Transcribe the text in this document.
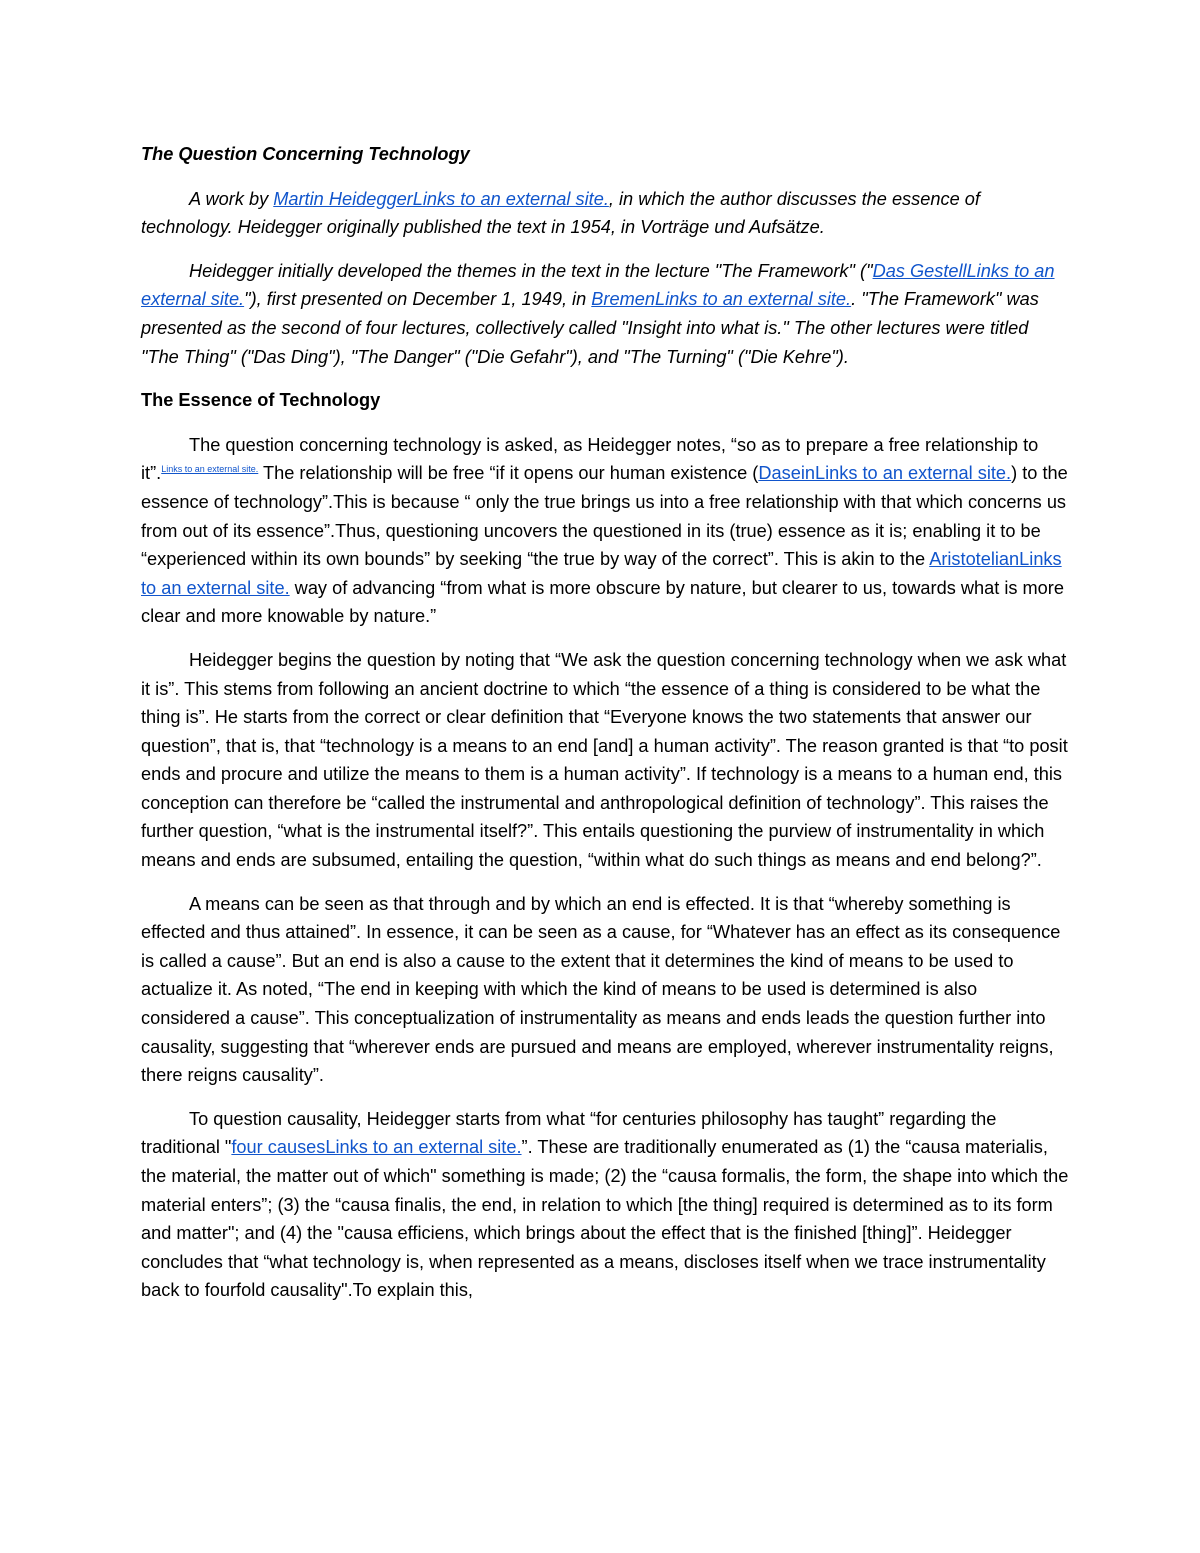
The Question Concerning Technology

A work by Martin HeideggerLinks to an external site., in which the author discusses the essence of technology. Heidegger originally published the text in 1954, in Vorträge und Aufsätze.

Heidegger initially developed the themes in the text in the lecture "The Framework" ("Das GestellLinks to an external site."), first presented on December 1, 1949, in BremenLinks to an external site.. "The Framework" was presented as the second of four lectures, collectively called "Insight into what is." The other lectures were titled "The Thing" ("Das Ding"), "The Danger" ("Die Gefahr"), and "The Turning" ("Die Kehre").

The Essence of Technology

The question concerning technology is asked, as Heidegger notes, “so as to prepare a free relationship to it”.$^{Links to an external site.}$ The relationship will be free “if it opens our human existence (DaseinLinks to an external site.) to the essence of technology”.This is because “ only the true brings us into a free relationship with that which concerns us from out of its essence”.Thus, questioning uncovers the questioned in its (true) essence as it is; enabling it to be “experienced within its own bounds” by seeking “the true by way of the correct”. This is akin to the AristotelianLinks to an external site. way of advancing “from what is more obscure by nature, but clearer to us, towards what is more clear and more knowable by nature.”

Heidegger begins the question by noting that “We ask the question concerning technology when we ask what it is”. This stems from following an ancient doctrine to which “the essence of a thing is considered to be what the thing is”. He starts from the correct or clear definition that “Everyone knows the two statements that answer our question”, that is, that “technology is a means to an end [and] a human activity”. The reason granted is that “to posit ends and procure and utilize the means to them is a human activity”. If technology is a means to a human end, this conception can therefore be “called the instrumental and anthropological definition of technology”. This raises the further question, “what is the instrumental itself?”. This entails questioning the purview of instrumentality in which means and ends are subsumed, entailing the question, “within what do such things as means and end belong?”.

A means can be seen as that through and by which an end is effected. It is that “whereby something is effected and thus attained”. In essence, it can be seen as a cause, for “Whatever has an effect as its consequence is called a cause”. But an end is also a cause to the extent that it determines the kind of means to be used to actualize it. As noted, “The end in keeping with which the kind of means to be used is determined is also considered a cause”. This conceptualization of instrumentality as means and ends leads the question further into causality, suggesting that “wherever ends are pursued and means are employed, wherever instrumentality reigns, there reigns causality”.

To question causality, Heidegger starts from what “for centuries philosophy has taught” regarding the traditional "four causesLinks to an external site.”. These are traditionally enumerated as (1) the “causa materialis, the material, the matter out of which" something is made; (2) the “causa formalis, the form, the shape into which the material enters”; (3) the “causa finalis, the end, in relation to which [the thing] required is determined as to its form and matter"; and (4) the "causa efficiens, which brings about the effect that is the finished [thing]”. Heidegger concludes that “what technology is, when represented as a means, discloses itself when we trace instrumentality back to fourfold causality".To explain this,
